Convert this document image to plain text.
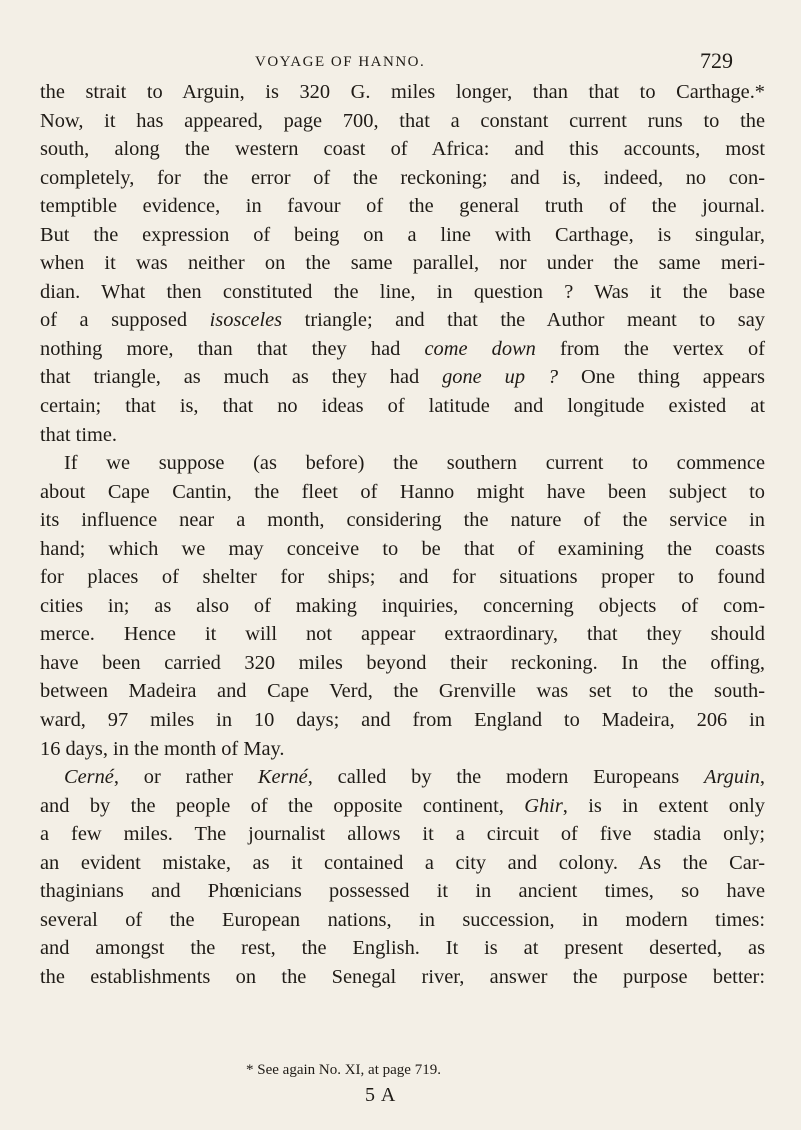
VOYAGE OF HANNO.	729
the strait to Arguin, is 320 G. miles longer, than that to Carthage.*
Now, it has appeared, page 700, that a constant current runs to the
south, along the western coast of Africa: and this accounts, most
completely, for the error of the reckoning; and is, indeed, no con-
temptible evidence, in favour of the general truth of the journal.
But the expression of being on a line with Carthage, is singular,
when it was neither on the same parallel, nor under the same meri-
dian. What then constituted the line, in question ? Was it the base
of a supposed isosceles triangle; and that the Author meant to say
nothing more, than that they had come down from the vertex of
that triangle, as much as they had gone up ? One thing appears
certain; that is, that no ideas of latitude and longitude existed at
that time.
If we suppose (as before) the southern current to commence
about Cape Cantin, the fleet of Hanno might have been subject to
its influence near a month, considering the nature of the service in
hand; which we may conceive to be that of examining the coasts
for places of shelter for ships; and for situations proper to found
cities in; as also of making inquiries, concerning objects of com-
merce. Hence it will not appear extraordinary, that they should
have been carried 320 miles beyond their reckoning. In the offing,
between Madeira and Cape Verd, the Grenville was set to the south-
ward, 97 miles in 10 days; and from England to Madeira, 206 in
16 days, in the month of May.
Cerné, or rather Kerné, called by the modern Europeans Arguin,
and by the people of the opposite continent, Ghir, is in extent only
a few miles. The journalist allows it a circuit of five stadia only;
an evident mistake, as it contained a city and colony. As the Car-
thaginians and Phœnicians possessed it in ancient times, so have
several of the European nations, in succession, in modern times:
and amongst the rest, the English. It is at present deserted, as
the establishments on the Senegal river, answer the purpose better:
* See again No. XI, at page 719.
5 A
